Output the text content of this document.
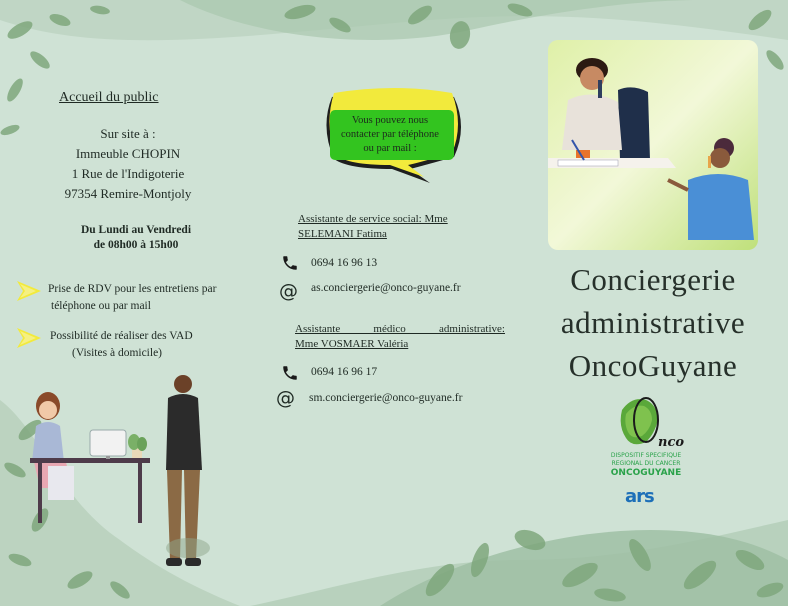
Accueil du public
Sur site à :
Immeuble CHOPIN
1 Rue de l'Indigoterie
97354 Remire-Montjoly
Du Lundi au Vendredi
de 08h00 à 15h00
Prise de RDV pour les entretiens par
téléphone ou par mail
Possibilité de réaliser des VAD
(Visites à domicile)
Vous pouvez nous
contacter par téléphone
ou par mail :
Assistante de service social: Mme
SELEMANI Fatima
0694 16 96 13
@ as.conciergerie@onco-guyane.fr
Assistante médico administrative:
Mme VOSMAER Valéria
0694 16 96 17
@ sm.conciergerie@onco-guyane.fr
Conciergerie
administrative
OncoGuyane
nco
DISPOSITIF SPECIFIQUE
REGIONAL DU CANCER
ONCOGUYANE
ars
